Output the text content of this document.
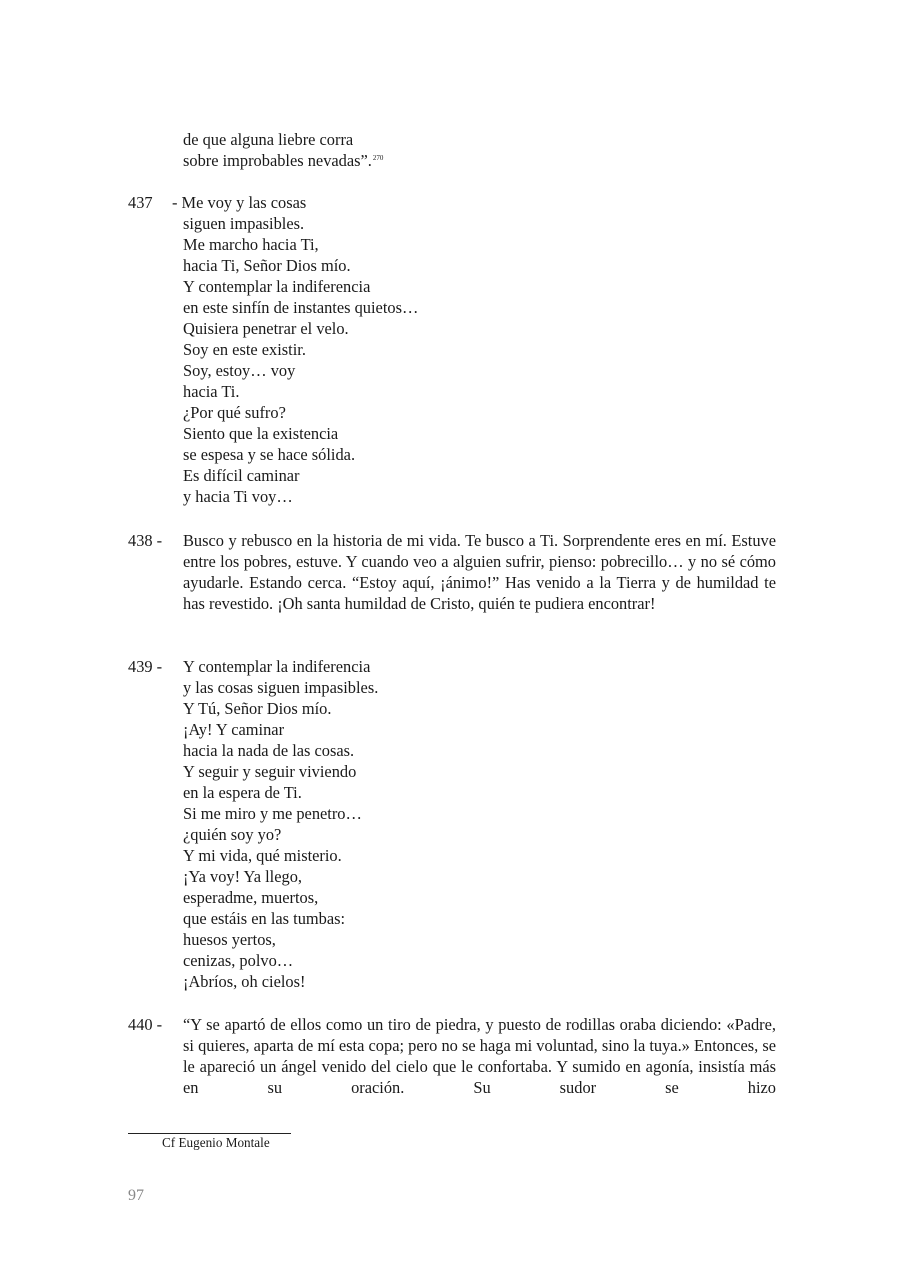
de que alguna liebre corra
sobre improbables nevadas”.$^{270}$
437	- Me voy y las cosas
siguen impasibles.
Me marcho hacia Ti,
hacia Ti, Señor Dios mío.
Y contemplar la indiferencia
en este sinfín de instantes quietos…
Quisiera penetrar el velo.
Soy en este existir.
Soy, estoy… voy
hacia Ti.
¿Por qué sufro?
Siento que la existencia
se espesa y se hace sólida.
Es difícil caminar
y hacia Ti voy…
438 -	Busco y rebusco en la historia de mi vida. Te busco a Ti. Sorprendente eres en mí. Estuve entre los pobres, estuve. Y cuando veo a alguien sufrir, pienso: pobrecillo… y no sé cómo ayudarle. Estando cerca. “Estoy aquí, ¡ánimo!” Has venido a la Tierra y de humildad te has revestido. ¡Oh santa humildad de Cristo, quién te pudiera encontrar!
439 -	Y contemplar la indiferencia
y las cosas siguen impasibles.
Y Tú, Señor Dios mío.
¡Ay! Y caminar
hacia la nada de las cosas.
Y seguir y seguir viviendo
en la espera de Ti.
Si me miro y me penetro…
¿quién soy yo?
Y mi vida, qué misterio.
¡Ya voy! Ya llego,
esperadme, muertos,
que estáis en las tumbas:
huesos yertos,
cenizas, polvo…
¡Abríos, oh cielos!
440 -	“Y se apartó de ellos como un tiro de piedra, y puesto de rodillas oraba diciendo: «Padre, si quieres, aparta de mí esta copa; pero no se haga mi voluntad, sino la tuya.» Entonces, se le apareció un ángel venido del cielo que le confortaba. Y sumido en agonía, insistía más en su oración. Su sudor se hizo
Cf Eugenio Montale
97
